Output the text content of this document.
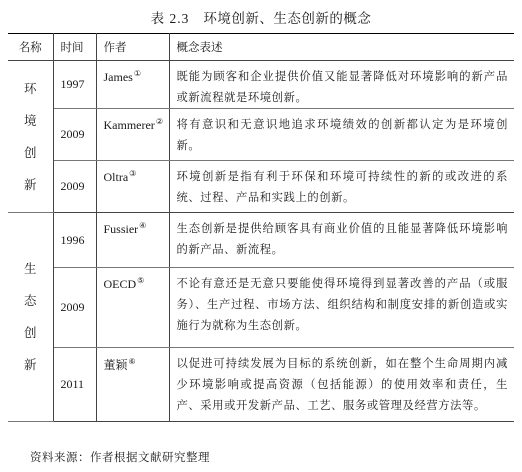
表 2.3 环境创新、生态创新的概念
名称	时间	作者	概念表述

环
境
创
新	1997	James①	既能为顾客和企业提供价值又能显著降低对环境影响的新产品或新流程就是环境创新。
	2009	Kammerer②	将有意识和无意识地追求环境绩效的创新都认定为是环境创新。
	2009	Oltra③	环境创新是指有利于环保和环境可持续性的新的或改进的系统、过程、产品和实践上的创新。

生
态
创
新	1996	Fussier④	生态创新是提供给顾客具有商业价值的且能显著降低环境影响的新产品、新流程。
	2009	OECD⑤	不论有意还是无意只要能使得环境得到显著改善的产品（或服务）、生产过程、市场方法、组织结构和制度安排的新创造或实施行为就称为生态创新。
	2011	董颖⑥	以促进可持续发展为目标的系统创新，如在整个生命周期内减少环境影响或提高资源（包括能源）的使用效率和责任，生产、采用或开发新产品、工艺、服务或管理及经营方法等。
资料来源：作者根据文献研究整理
